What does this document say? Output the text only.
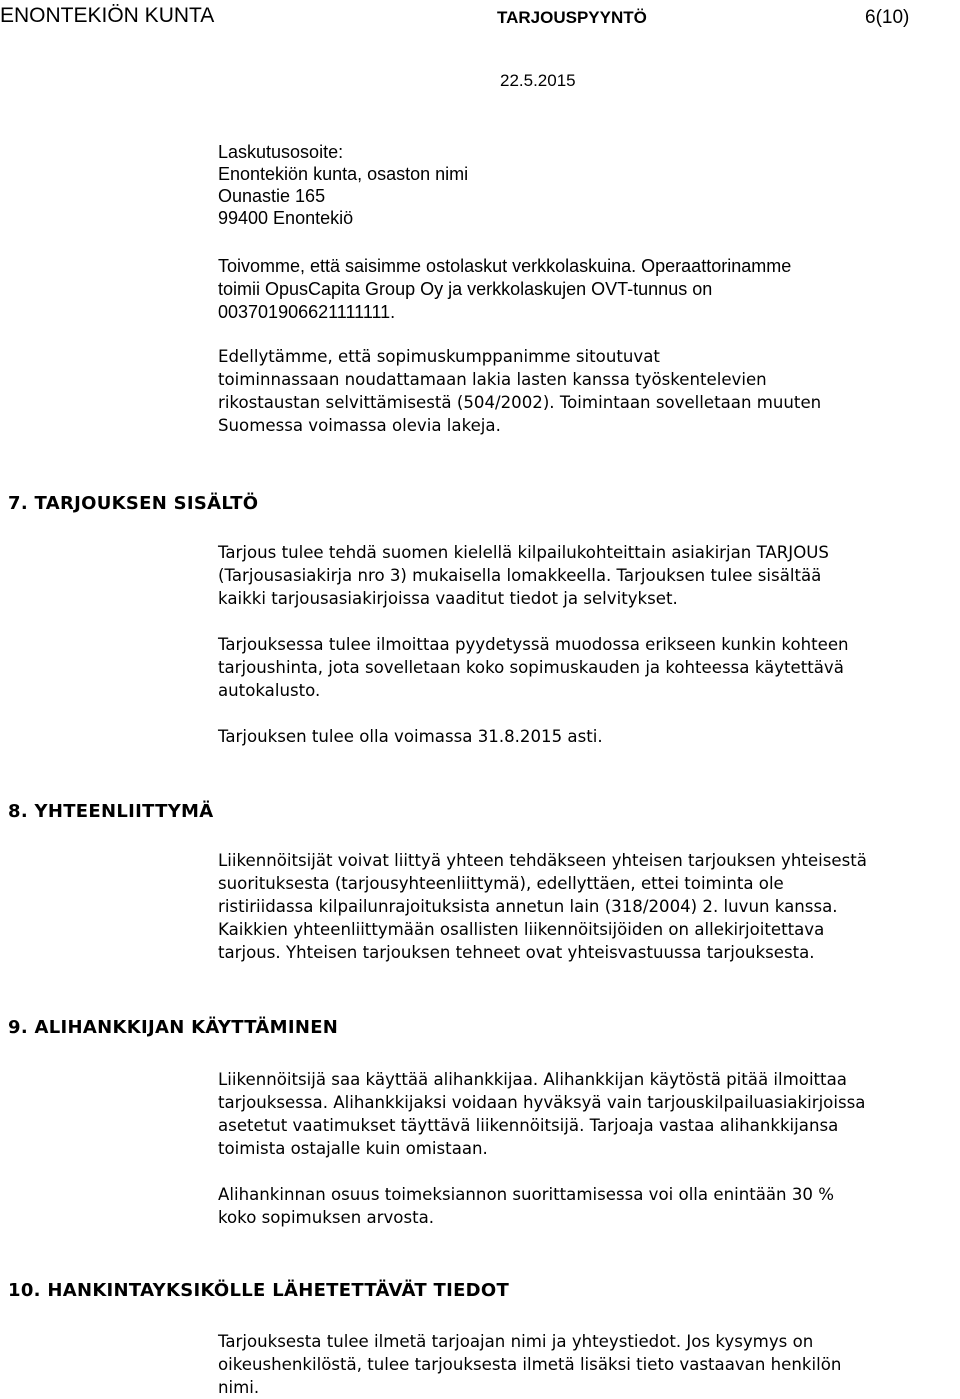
ENONTEKIÖN KUNTA	TARJOUSPYYNTÖ	6(10)
22.5.2015
Laskutusosoite:
Enontekiön kunta, osaston nimi
Ounastie 165
99400 Enontekiö
Toivomme, että saisimme ostolaskut verkkolaskuina. Operaattorinamme
toimii OpusCapita Group Oy ja verkkolaskujen OVT-tunnus on
003701906621111111.
Edellytämme, että sopimuskumppanimme sitoutuvat
toiminnassaan noudattamaan lakia lasten kanssa työskentelevien
rikostaustan selvittämisestä (504/2002). Toimintaan sovelletaan muuten
Suomessa voimassa olevia lakeja.
7. TARJOUKSEN SISÄLTÖ
Tarjous tulee tehdä suomen kielellä kilpailukohteittain asiakirjan TARJOUS
(Tarjousasiakirja nro 3) mukaisella lomakkeella. Tarjouksen tulee sisältää
kaikki tarjousasiakirjoissa vaaditut tiedot ja selvitykset.
Tarjouksessa tulee ilmoittaa pyydetyssä muodossa erikseen kunkin kohteen
tarjoushinta, jota sovelletaan koko sopimuskauden ja kohteessa käytettävä
autokalusto.
Tarjouksen tulee olla voimassa 31.8.2015 asti.
8. YHTEENLIITTYMÄ
Liikennöitsijät voivat liittyä yhteen tehdäkseen yhteisen tarjouksen yhteisestä
suorituksesta (tarjousyhteenliittymä), edellyttäen, ettei toiminta ole
ristiriidassa kilpailunrajoituksista annetun lain (318/2004) 2. luvun kanssa.
Kaikkien yhteenliittymään osallisten liikennöitsijöiden on allekirjoitettava
tarjous. Yhteisen tarjouksen tehneet ovat yhteisvastuussa tarjouksesta.
9. ALIHANKKIJAN KÄYTTÄMINEN
Liikennöitsijä saa käyttää alihankkijaa. Alihankkijan käytöstä pitää ilmoittaa
tarjouksessa. Alihankkijaksi voidaan hyväksyä vain tarjouskilpailuasiakirjoissa
asetetut vaatimukset täyttävä liikennöitsijä. Tarjoaja vastaa alihankkijansa
toimista ostajalle kuin omistaan.
Alihankinnan osuus toimeksiannon suorittamisessa voi olla enintään 30 %
koko sopimuksen arvosta.
10. HANKINTAYKSIKÖLLE LÄHETETTÄVÄT TIEDOT
Tarjouksesta tulee ilmetä tarjoajan nimi ja yhteystiedot. Jos kysymys on
oikeushenkilöstä, tulee tarjouksesta ilmetä lisäksi tieto vastaavan henkilön
nimi.
